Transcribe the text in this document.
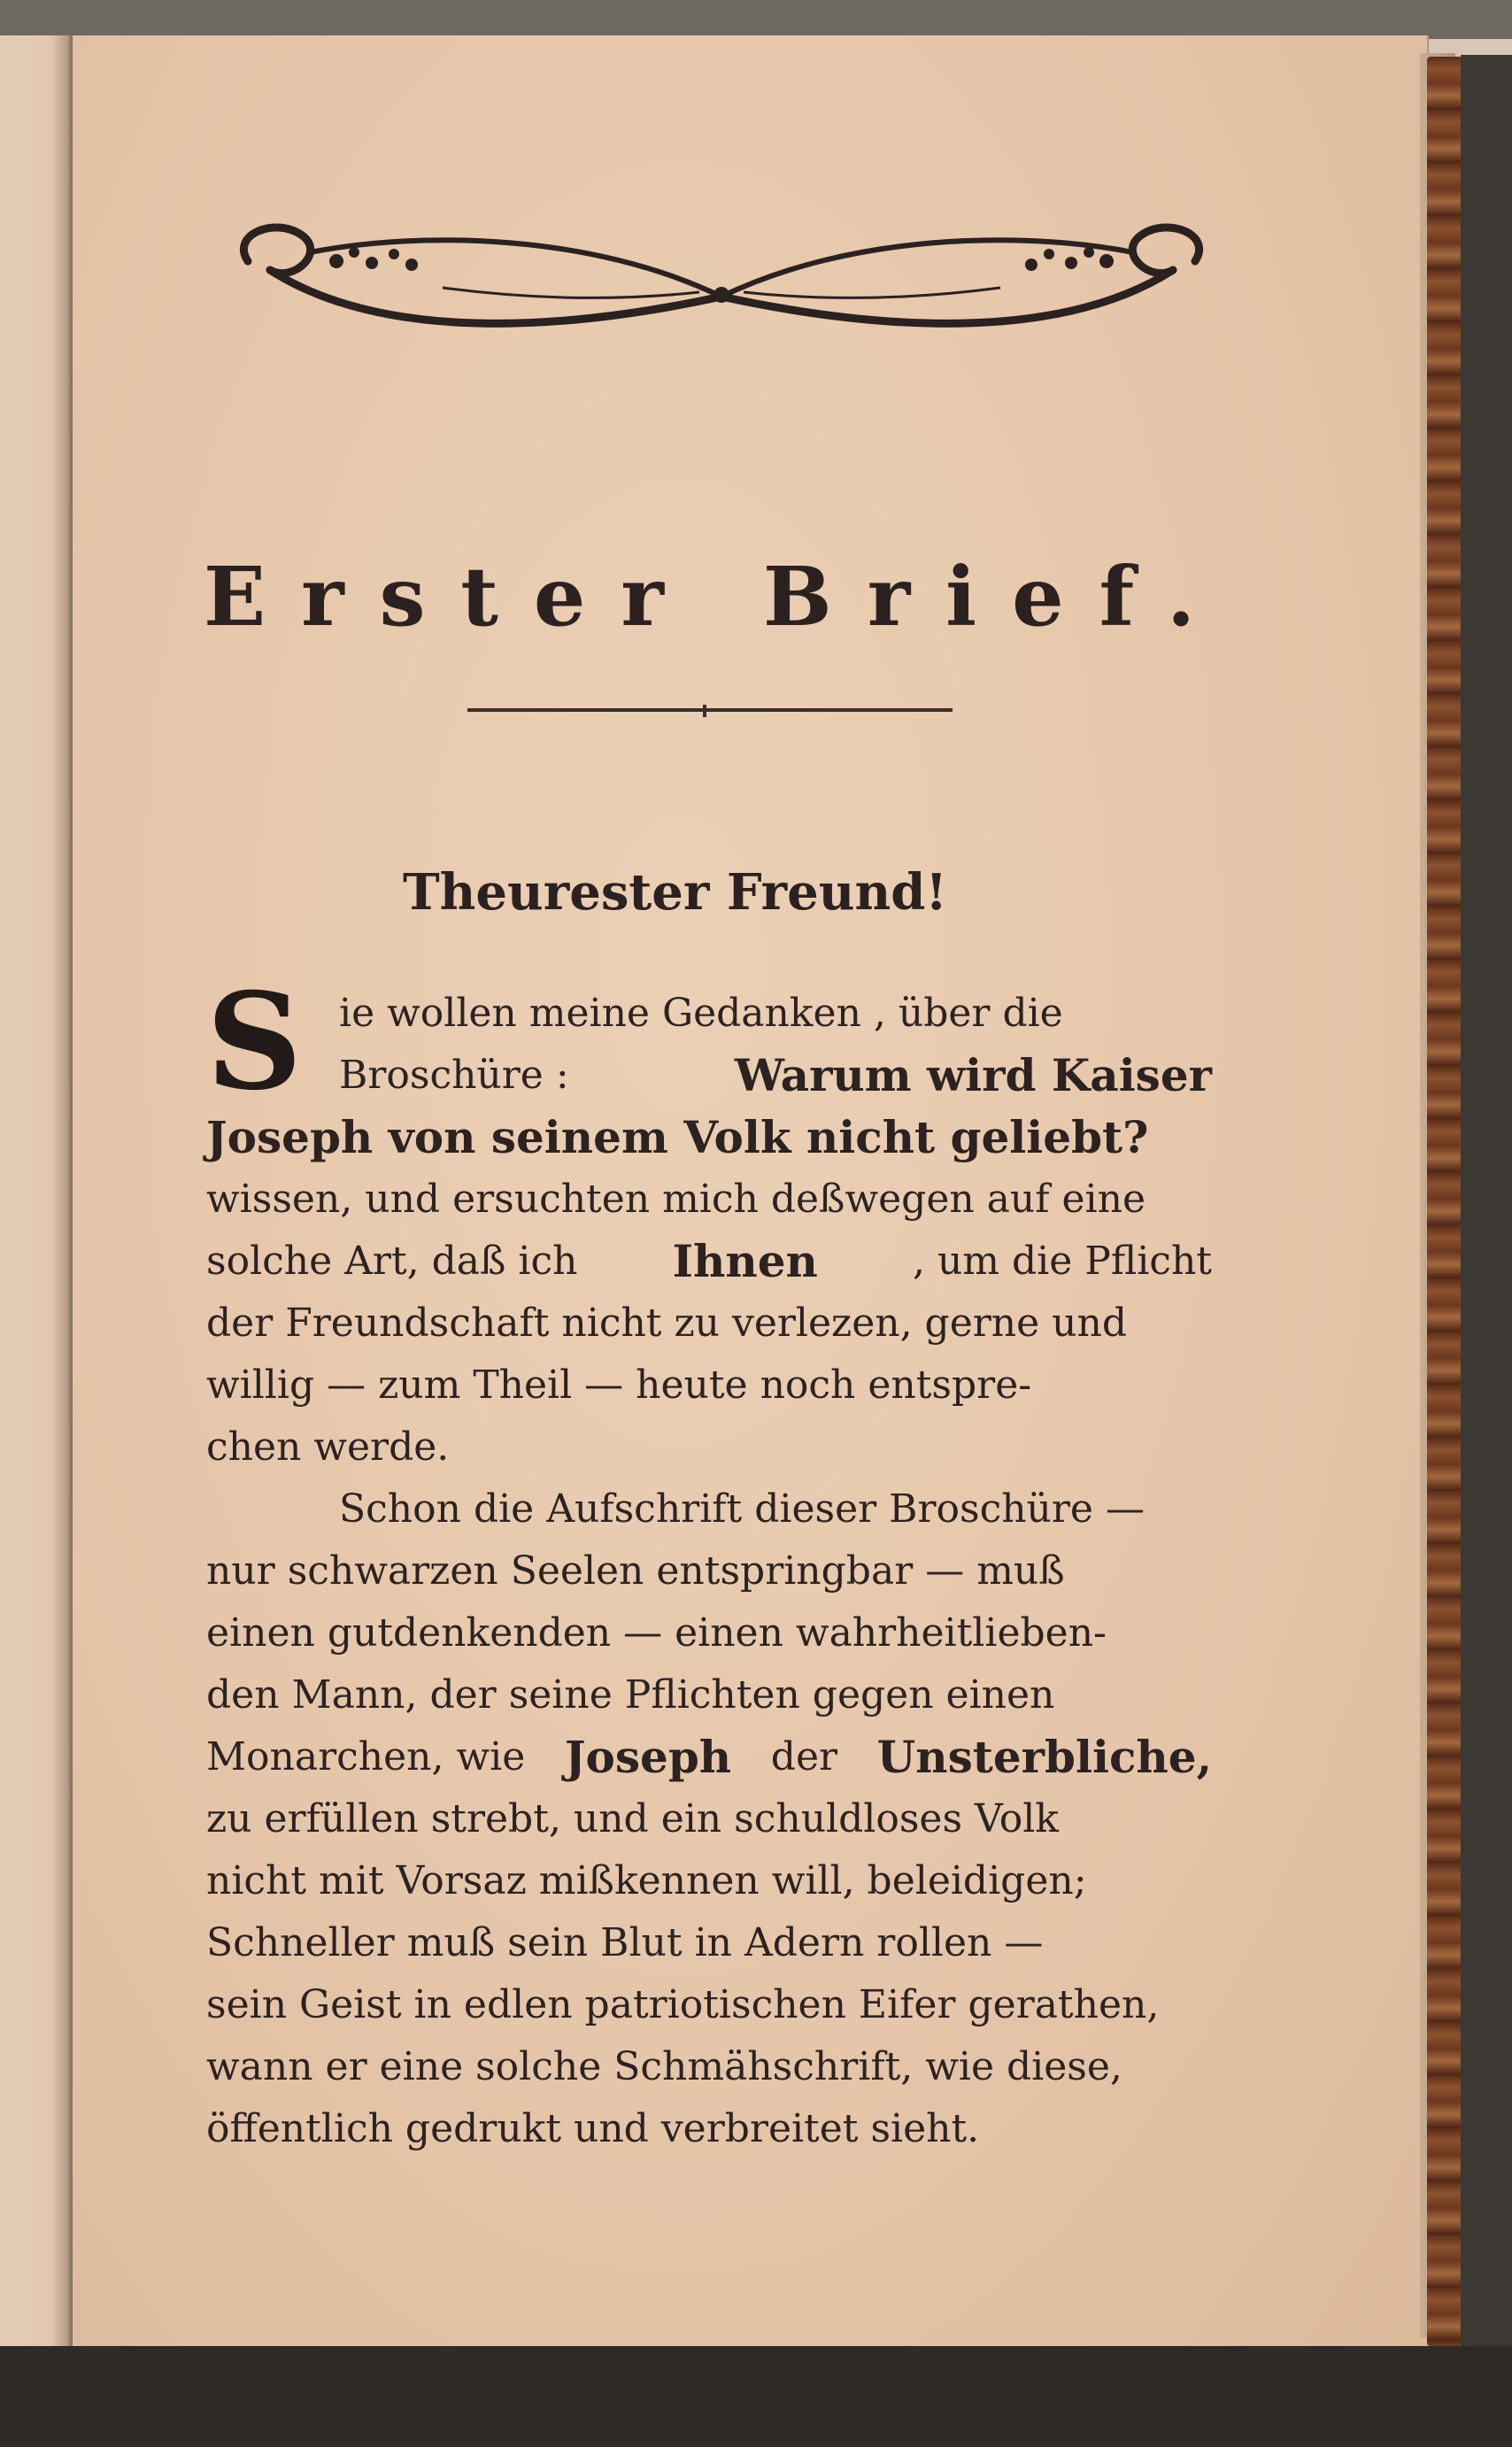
Erster Brief.
Theurester Freund!
S ie wollen meine Gedanken , über die
Broschüre :	Warum wird Kaiser
Joseph von seinem Volk nicht geliebt?
wissen, und ersuchten mich deßwegen auf eine
solche Art, daß ich Ihnen , um die Pflicht
der Freundschaft nicht zu verlezen, gerne und
willig — zum Theil — heute noch entspre-
chen werde.
Schon die Aufschrift dieser Broschüre —
nur schwarzen Seelen entspringbar — muß
einen gutdenkenden — einen wahrheitlieben-
den Mann, der seine Pflichten gegen einen
Monarchen, wie Joseph der Unsterbliche,
zu erfüllen strebt, und ein schuldloses Volk
nicht mit Vorsaz mißkennen will, beleidigen;
Schneller muß sein Blut in Adern rollen —
sein Geist in edlen patriotischen Eifer gerathen,
wann er eine solche Schmähschrift, wie diese,
öffentlich gedrukt und verbreitet sieht.
